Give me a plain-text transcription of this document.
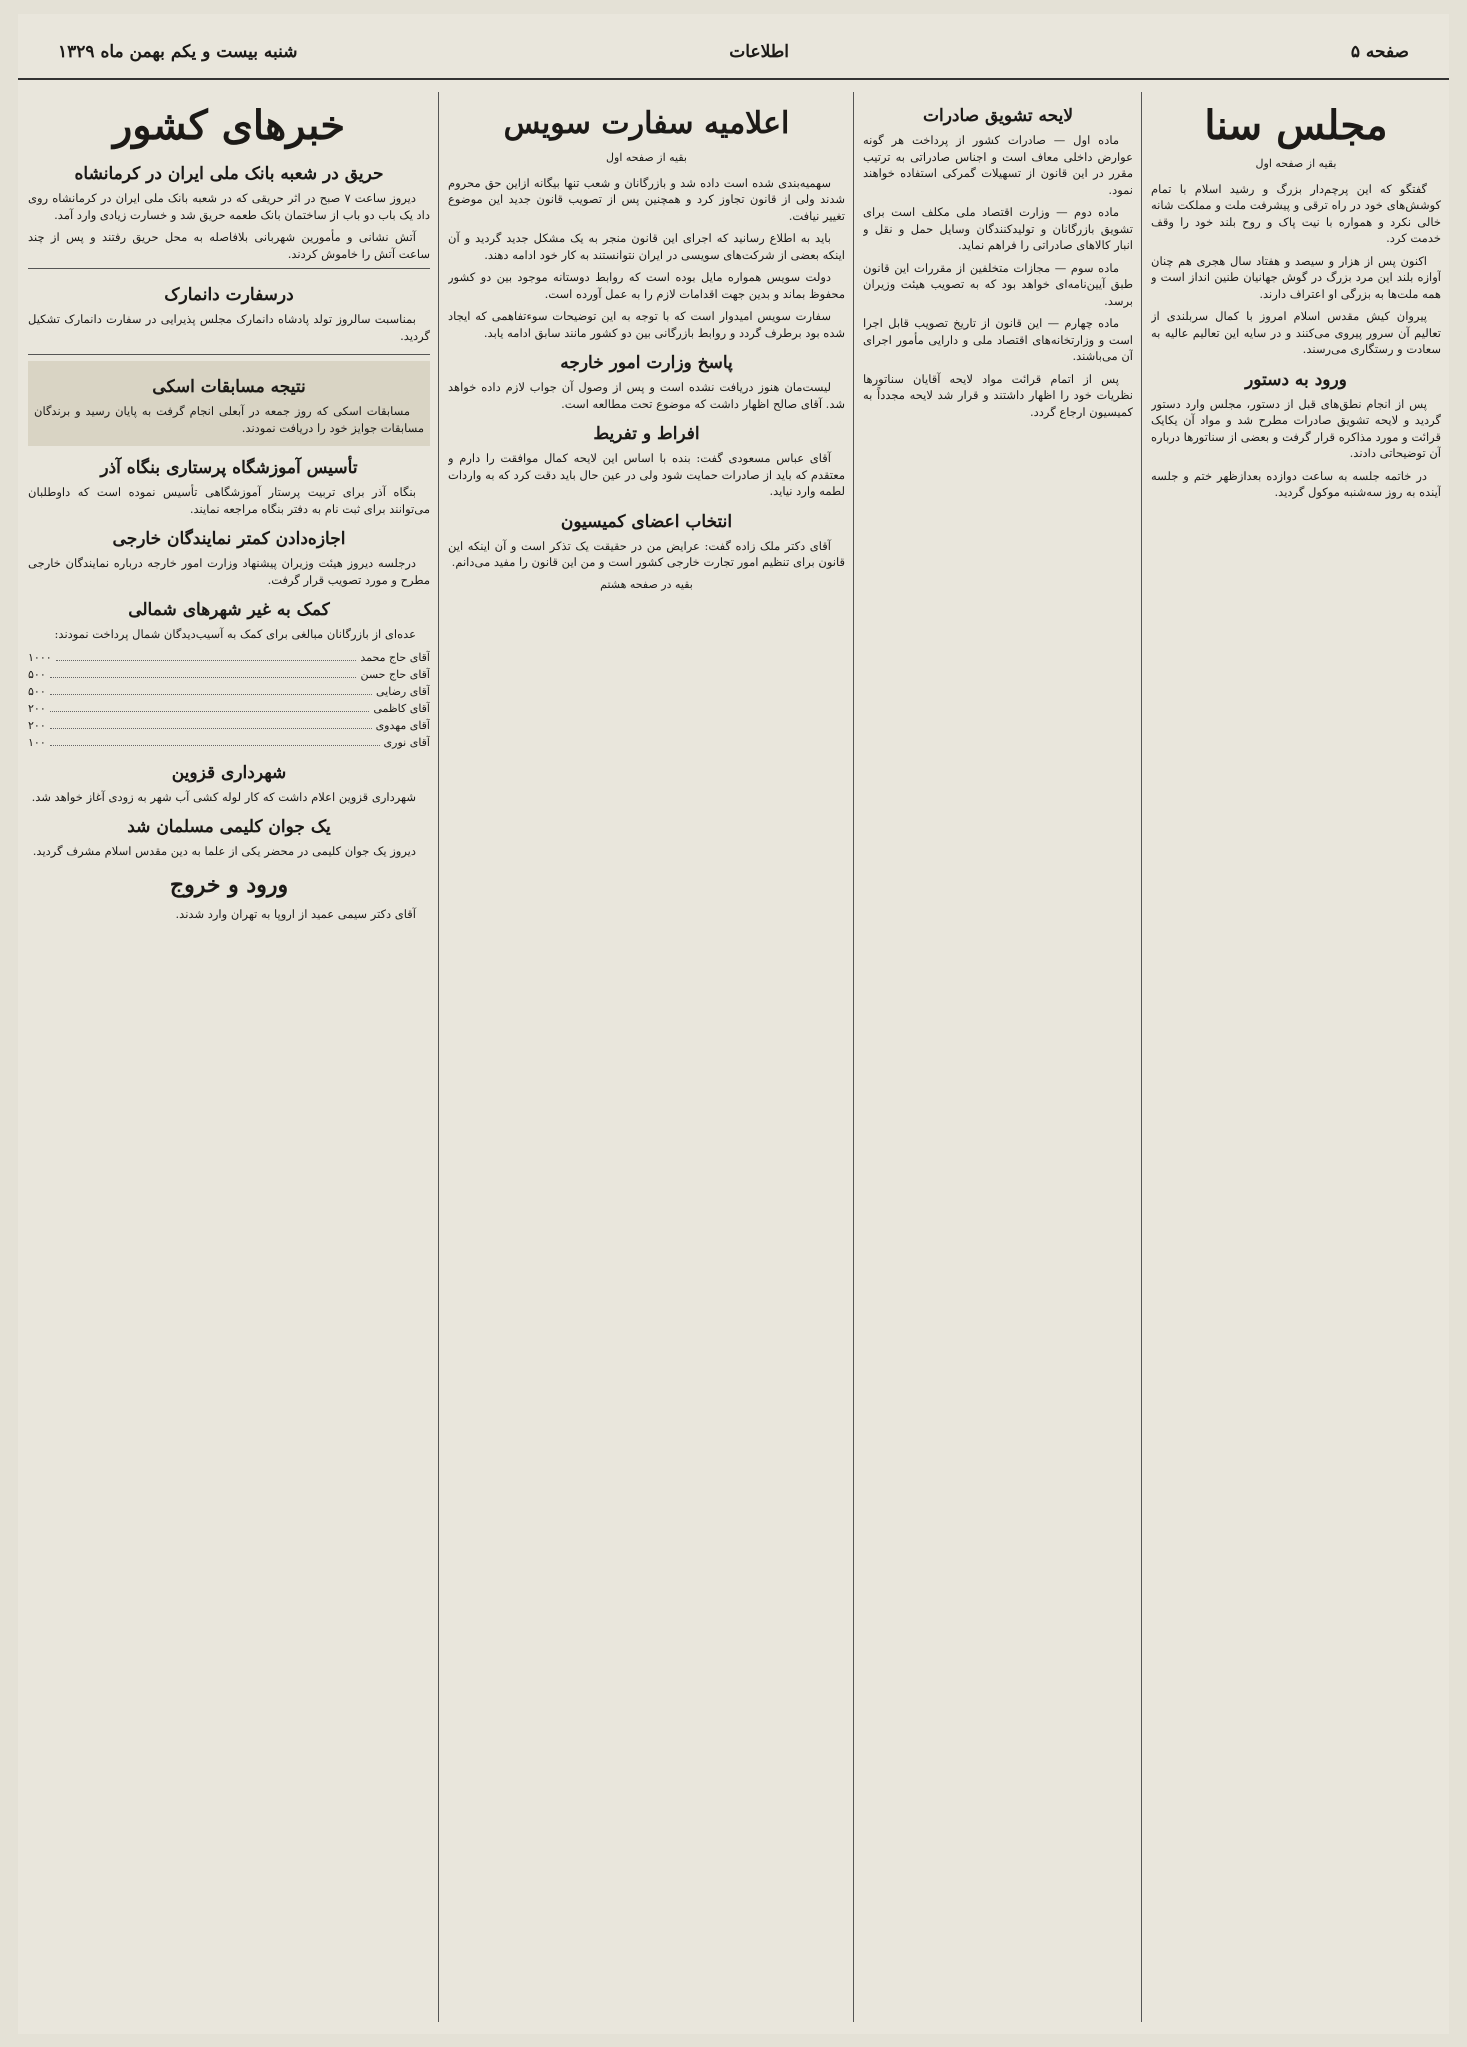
صفحه ۵
اطلاعات
شنبه بیست و یکم بهمن ماه ۱۳۲۹
مجلس سنا
بقیه از صفحه اول

گفتگو که این پرچم‌دار بزرگ و رشید اسلام با تمام کوشش‌های خود در راه ترقی و پیشرفت ملت و مملکت شانه خالی نکرد و همواره با نیت پاک و روح بلند خود را وقف خدمت کرد.

اکنون پس از هزار و سیصد و هفتاد سال هجری هم چنان آوازه بلند این مرد بزرگ در گوش جهانیان طنین انداز است و همه ملت‌ها به بزرگی او اعتراف دارند.

پیروان کیش مقدس اسلام امروز با کمال سربلندی از تعالیم آن سرور پیروی می‌کنند و در سایه این تعالیم عالیه به سعادت و رستگاری می‌رسند.

ورود به دستور

پس از انجام نطق‌های قبل از دستور، مجلس وارد دستور گردید و لایحه تشویق صادرات مطرح شد و مواد آن یکایک قرائت و مورد مذاکره قرار گرفت و بعضی از سناتورها درباره آن توضیحاتی دادند.

در خاتمه جلسه به ساعت دوازده بعدازظهر ختم و جلسه آینده به روز سه‌شنبه موکول گردید.

لایحه تشویق صادرات

ماده اول — صادرات کشور از پرداخت هر گونه عوارض داخلی معاف است و اجناس صادراتی به ترتیب مقرر در این قانون از تسهیلات گمرکی استفاده خواهند نمود.

ماده دوم — وزارت اقتصاد ملی مکلف است برای تشویق بازرگانان و تولیدکنندگان وسایل حمل و نقل و انبار کالاهای صادراتی را فراهم نماید.

ماده سوم — مجازات متخلفین از مقررات این قانون طبق آیین‌نامه‌ای خواهد بود که به تصویب هیئت وزیران برسد.

ماده چهارم — این قانون از تاریخ تصویب قابل اجرا است و وزارتخانه‌های اقتصاد ملی و دارایی مأمور اجرای آن می‌باشند.

پس از اتمام قرائت مواد لایحه آقایان سناتورها نظریات خود را اظهار داشتند و قرار شد لایحه مجدداً به کمیسیون ارجاع گردد.

اعلامیه سفارت سویس
بقیه از صفحه اول

سهمیه‌بندی شده است داده شد و بازرگانان و شعب تنها بیگانه ازاین حق محروم شدند ولی از قانون تجاوز کرد و همچنین پس از تصویب قانون جدید این موضوع تغییر نیافت.

باید به اطلاع رسانید که اجرای این قانون منجر به یک مشکل جدید گردید و آن اینکه بعضی از شرکت‌های سویسی در ایران نتوانستند به کار خود ادامه دهند.

دولت سویس همواره مایل بوده است که روابط دوستانه موجود بین دو کشور محفوظ بماند و بدین جهت اقدامات لازم را به عمل آورده است.

سفارت سویس امیدوار است که با توجه به این توضیحات سوءتفاهمی که ایجاد شده بود برطرف گردد و روابط بازرگانی بین دو کشور مانند سابق ادامه یابد.

پاسخ وزارت امور خارجه

لیست‌مان هنوز دریافت نشده است و پس از وصول آن جواب لازم داده خواهد شد. آقای صالح اظهار داشت که موضوع تحت مطالعه است.

افراط و تفریط

آقای عباس مسعودی گفت: بنده با اساس این لایحه کمال موافقت را دارم و معتقدم که باید از صادرات حمایت شود ولی در عین حال باید دقت کرد که به واردات لطمه وارد نیاید.

انتخاب اعضای کمیسیون

آقای دکتر ملک زاده گفت: عرایض من در حقیقت یک تذکر است و آن اینکه این قانون برای تنظیم امور تجارت خارجی کشور است و من این قانون را مفید می‌دانم.

بقیه در صفحه هشتم
خبرهای کشور
حریق در شعبه بانک ملی ایران در کرمانشاه

دیروز ساعت ۷ صبح در اثر حریقی که در شعبه بانک ملی ایران در کرمانشاه روی داد یک باب دو باب از ساختمان بانک طعمه حریق شد و خسارت زیادی وارد آمد.

آتش نشانی و مأمورین شهربانی بلافاصله به محل حریق رفتند و پس از چند ساعت آتش را خاموش کردند.

درسفارت دانمارک

بمناسبت سالروز تولد پادشاه دانمارک مجلس پذیرایی در سفارت دانمارک تشکیل گردید.

نتیجه مسابقات اسکی

مسابقات اسکی که روز جمعه در آبعلی انجام گرفت به پایان رسید و برندگان مسابقات جوایز خود را دریافت نمودند.

تأسیس آموزشگاه پرستاری بنگاه آذر

بنگاه آذر برای تربیت پرستار آموزشگاهی تأسیس نموده است که داوطلبان می‌توانند برای ثبت نام به دفتر بنگاه مراجعه نمایند.

اجازه‌دادن کمتر نمایندگان خارجی

درجلسه دیروز هیئت وزیران پیشنهاد وزارت امور خارجه درباره نمایندگان خارجی مطرح و مورد تصویب قرار گرفت.

کمک به غیر شهرهای شمالی

عده‌ای از بازرگانان مبالغی برای کمک به آسیب‌دیدگان شمال پرداخت نمودند:

آقای حاج محمد
۱۰۰۰
آقای حاج حسن
۵۰۰
آقای رضایی
۵۰۰
آقای کاظمی
۲۰۰
آقای مهدوی
۲۰۰
آقای نوری
۱۰۰
شهرداری قزوین

شهرداری قزوین اعلام داشت که کار لوله کشی آب شهر به زودی آغاز خواهد شد.

یک جوان کلیمی مسلمان شد

دیروز یک جوان کلیمی در محضر یکی از علما به دین مقدس اسلام مشرف گردید.

ورود و خروج

آقای دکتر سیمی عمید از اروپا به تهران وارد شدند.
